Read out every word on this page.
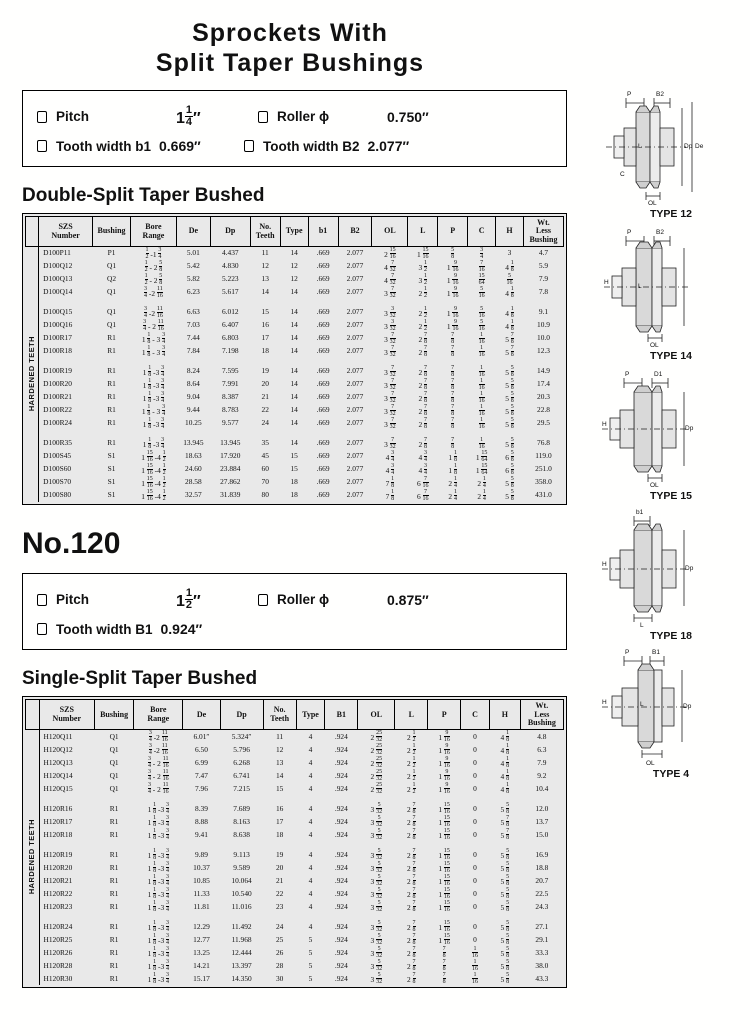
Sprockets With
Split Taper Bushings
Pitch	$1 \frac{1}{4}$ ″	Roller ϕ	0.750″
Tooth width b1 0.669″	Tooth width B2 2.077″
Double-Split Taper Bushed
	SZS
Number	Bushing	Bore
Range	De	Dp	No.
Teeth	Type	b1	B2	OL	L	P	C	H	Wt.
Less
Bushing
HARDENED TEETH	D100P11	P1	$\frac{1}{2} -1 \frac{3}{4}$	5.01	4.437	11	14	.669	2.077	$2 \frac{15}{16}$	$1 \frac{15}{16}$	$\frac{5}{8}$	$\frac{3}{4}$	3	4.7
	D100Q12	Q1	$\frac{1}{2} - 2 \frac{5}{8}$	5.42	4.830	12	12	.669	2.077	$4 \frac{7}{32}$	$3 \frac{1}{2}$	$1 \frac{9}{16}$	$\frac{7}{16}$	$4 \frac{1}{8}$	5.9
	D100Q13	Q2	$\frac{1}{2} - 2 \frac{5}{8}$	5.82	5.223	13	12	.669	2.077	$4 \frac{7}{32}$	$3 \frac{1}{2}$	$1 \frac{9}{16}$	$\frac{15}{64}$	$\frac{5}{16}$	7.9
	D100Q14	Q1	$\frac{3}{4} -2 \frac{11}{16}$	6.23	5.617	14	14	.669	2.077	$3 \frac{7}{32}$	$2 \frac{1}{2}$	$1 \frac{9}{16}$	$\frac{5}{16}$	$4 \frac{1}{8}$	7.8

	D100Q15	Q1	$\frac{3}{4} -2 \frac{11}{16}$	6.63	6.012	15	14	.669	2.077	$3 \frac{3}{32}$	$2 \frac{1}{2}$	$1 \frac{9}{16}$	$\frac{5}{16}$	$4 \frac{1}{8}$	9.1
	D100Q16	Q1	$\frac{3}{4} - 2 \frac{11}{16}$	7.03	6.407	16	14	.669	2.077	$3 \frac{3}{32}$	$2 \frac{1}{2}$	$1 \frac{9}{16}$	$\frac{5}{16}$	$4 \frac{1}{8}$	10.9
D100R17	R1	$1 \frac{1}{8} - 3 \frac{3}{4}$	7.44	6.803	17	14	.669	2.077	$3 \frac{7}{32}$	$2 \frac{7}{8}$	$\frac{7}{8}$	$\frac{1}{16}$	$5 \frac{7}{8}$	10.0
D100R18	R1	$1 \frac{1}{8} - 3 \frac{3}{4}$	7.84	7.198	18	14	.669	2.077	$3 \frac{7}{32}$	$2 \frac{7}{8}$	$\frac{7}{8}$	$\frac{1}{16}$	$5 \frac{7}{8}$	12.3

D100R19	R1	$1 \frac{1}{8} -3 \frac{3}{4}$	8.24	7.595	19	14	.669	2.077	$3 \frac{7}{32}$	$2 \frac{7}{8}$	$\frac{7}{8}$	$\frac{1}{16}$	$5 \frac{5}{8}$	14.9
D100R20	R1	$1 \frac{1}{8} -3 \frac{3}{4}$	8.64	7.991	20	14	.669	2.077	$3 \frac{7}{32}$	$2 \frac{7}{8}$	$\frac{7}{8}$	$\frac{1}{16}$	$5 \frac{5}{8}$	17.4
D100R21	R1	$1 \frac{1}{8} -3 \frac{3}{4}$	9.04	8.387	21	14	.669	2.077	$3 \frac{7}{32}$	$2 \frac{7}{8}$	$\frac{7}{8}$	$\frac{1}{16}$	$5 \frac{5}{8}$	20.3
D100R22	R1	$1 \frac{1}{8} - 3 \frac{3}{4}$	9.44	8.783	22	14	.669	2.077	$3 \frac{7}{32}$	$2 \frac{7}{8}$	$\frac{7}{8}$	$\frac{1}{16}$	$5 \frac{5}{8}$	22.8
D100R24	R1	$1 \frac{1}{8} -3 \frac{3}{4}$	10.25	9.577	24	14	.669	2.077	$3 \frac{7}{32}$	$2 \frac{7}{8}$	$\frac{7}{8}$	$\frac{1}{16}$	$5 \frac{5}{8}$	29.5

D100R35	R1	$1 \frac{1}{8} -3 \frac{3}{4}$	13.945	13.945	35	14	.669	2.077	$3 \frac{7}{32}$	$2 \frac{7}{8}$	$\frac{7}{8}$	$\frac{1}{16}$	$5 \frac{5}{8}$	76.8
D100S45	S1	$1 \frac{15}{16} -4 \frac{1}{2}$	18.63	17.920	45	15	.669	2.077	$4 \frac{3}{4}$	$4 \frac{3}{4}$	$1 \frac{1}{8}$	$1 \frac{15}{64}$	$6 \frac{5}{8}$	119.0
D100S60	S1	$1 \frac{15}{16} -4 \frac{1}{2}$	24.60	23.884	60	15	.669	2.077	$4 \frac{3}{4}$	$4 \frac{3}{4}$	$1 \frac{1}{8}$	$1 \frac{15}{64}$	$6 \frac{5}{8}$	251.0
D100S70	S1	$1 \frac{15}{16} -4 \frac{1}{2}$	28.58	27.862	70	18	.669	2.077	$7 \frac{1}{8}$	$6 \frac{7}{16}$	$2 \frac{1}{4}$	$2 \frac{1}{4}$	$5 \frac{5}{8}$	358.0
D100S80	S1	$1 \frac{15}{16} -4 \frac{1}{2}$	32.57	31.839	80	18	.669	2.077	$7 \frac{1}{8}$	$6 \frac{7}{16}$	$2 \frac{1}{4}$	$2 \frac{1}{4}$	$5 \frac{5}{8}$	431.0
No.120
Pitch	$1 \frac{1}{2}$ ″	Roller ϕ	0.875″
Tooth width B1 0.924″
Single-Split Taper Bushed
	SZS
Number	Bushing	Bore
Range	De	Dp	No.
Teeth	Type	B1	OL	L	P	C	H	Wt.
Less
Bushing
HARDENED TEETH	H120Q11	Q1	$\frac{3}{4} -2 \frac{11}{16}$	6.01″	5.324″	11	4	.924	$2 \frac{25}{32}$	$2 \frac{1}{2}$	$1 \frac{9}{16}$	0	$4 \frac{1}{8}$	4.8
	H120Q12	Q1	$\frac{3}{4} -2 \frac{11}{16}$	6.50	5.796	12	4	.924	$2 \frac{25}{32}$	$2 \frac{1}{2}$	$1 \frac{9}{16}$	0	$4 \frac{1}{8}$	6.3
	H120Q13	Q1	$\frac{3}{4} - 2 \frac{11}{16}$	6.99	6.268	13	4	.924	$2 \frac{25}{32}$	$2 \frac{1}{2}$	$1 \frac{9}{16}$	0	$4 \frac{1}{8}$	7.9
	H120Q14	Q1	$\frac{3}{4} - 2 \frac{11}{16}$	7.47	6.741	14	4	.924	$2 \frac{25}{32}$	$2 \frac{1}{2}$	$1 \frac{9}{16}$	0	$4 \frac{1}{8}$	9.2
	H120Q15	Q1	$\frac{3}{4} - 2 \frac{11}{16}$	7.96	7.215	15	4	.924	$2 \frac{25}{32}$	$2 \frac{1}{2}$	$1 \frac{9}{16}$	0	$4 \frac{1}{8}$	10.4

H120R16	R1	$1 \frac{1}{8} -3 \frac{3}{4}$	8.39	7.689	16	4	.924	$3 \frac{5}{32}$	$2 \frac{7}{8}$	$1 \frac{15}{16}$	0	$5 \frac{5}{8}$	12.0
H120R17	R1	$1 \frac{1}{8} -3 \frac{3}{4}$	8.88	8.163	17	4	.924	$3 \frac{5}{32}$	$2 \frac{7}{8}$	$1 \frac{15}{16}$	0	$5 \frac{7}{8}$	13.7
H120R18	R1	$1 \frac{1}{8} -3 \frac{3}{4}$	9.41	8.638	18	4	.924	$3 \frac{5}{32}$	$2 \frac{7}{8}$	$1 \frac{15}{16}$	0	$5 \frac{7}{8}$	15.0

H120R19	R1	$1 \frac{1}{8} -3 \frac{3}{4}$	9.89	9.113	19	4	.924	$3 \frac{5}{32}$	$2 \frac{7}{8}$	$1 \frac{15}{16}$	0	$5 \frac{5}{8}$	16.9
H120R20	R1	$1 \frac{1}{8} -3 \frac{3}{4}$	10.37	9.589	20	4	.924	$3 \frac{5}{32}$	$2 \frac{7}{8}$	$1 \frac{15}{16}$	0	$5 \frac{5}{8}$	18.8
H120R21	R1	$1 \frac{1}{8} -3 \frac{3}{4}$	10.85	10.064	21	4	.924	$3 \frac{5}{32}$	$2 \frac{7}{8}$	$1 \frac{15}{16}$	0	$5 \frac{5}{8}$	20.7
H120R22	R1	$1 \frac{1}{8} -3 \frac{3}{4}$	11.33	10.540	22	4	.924	$3 \frac{5}{32}$	$2 \frac{7}{8}$	$1 \frac{15}{16}$	0	$5 \frac{5}{8}$	22.5
H120R23	R1	$1 \frac{1}{8} -3 \frac{3}{4}$	11.81	11.016	23	4	.924	$3 \frac{5}{32}$	$2 \frac{7}{8}$	$1 \frac{15}{16}$	0	$5 \frac{5}{8}$	24.3

H120R24	R1	$1 \frac{1}{8} -3 \frac{3}{4}$	12.29	11.492	24	4	.924	$3 \frac{5}{32}$	$2 \frac{7}{8}$	$1 \frac{15}{16}$	0	$5 \frac{5}{8}$	27.1
H120R25	R1	$1 \frac{1}{8} -3 \frac{3}{4}$	12.77	11.968	25	5	.924	$3 \frac{5}{32}$	$2 \frac{7}{8}$	$1 \frac{15}{16}$	0	$5 \frac{5}{8}$	29.1
H120R26	R1	$1 \frac{1}{8} -3 \frac{3}{4}$	13.25	12.444	26	5	.924	$3 \frac{5}{32}$	$2 \frac{7}{8}$	$\frac{7}{8}$	$\frac{1}{16}$	$5 \frac{5}{8}$	33.3
H120R28	R1	$1 \frac{1}{8} -3 \frac{3}{4}$	14.21	13.397	28	5	.924	$3 \frac{5}{32}$	$2 \frac{7}{8}$	$\frac{7}{8}$	$\frac{1}{16}$	$5 \frac{5}{8}$	38.0
H120R30	R1	$1 \frac{1}{8} -3 \frac{3}{4}$	15.17	14.350	30	5	.924	$3 \frac{5}{32}$	$2 \frac{7}{8}$	$\frac{7}{8}$	$\frac{1}{16}$	$5 \frac{5}{8}$	43.3
P	B2
L	Dp De
OL
C
TYPE 12
P	B2
H
L
OL
TYPE 14
P	D1
H
Dp
OL
TYPE 15
b1
H
Dp
L
TYPE 18
P	B1
H
Dp
L
OL
TYPE 4
